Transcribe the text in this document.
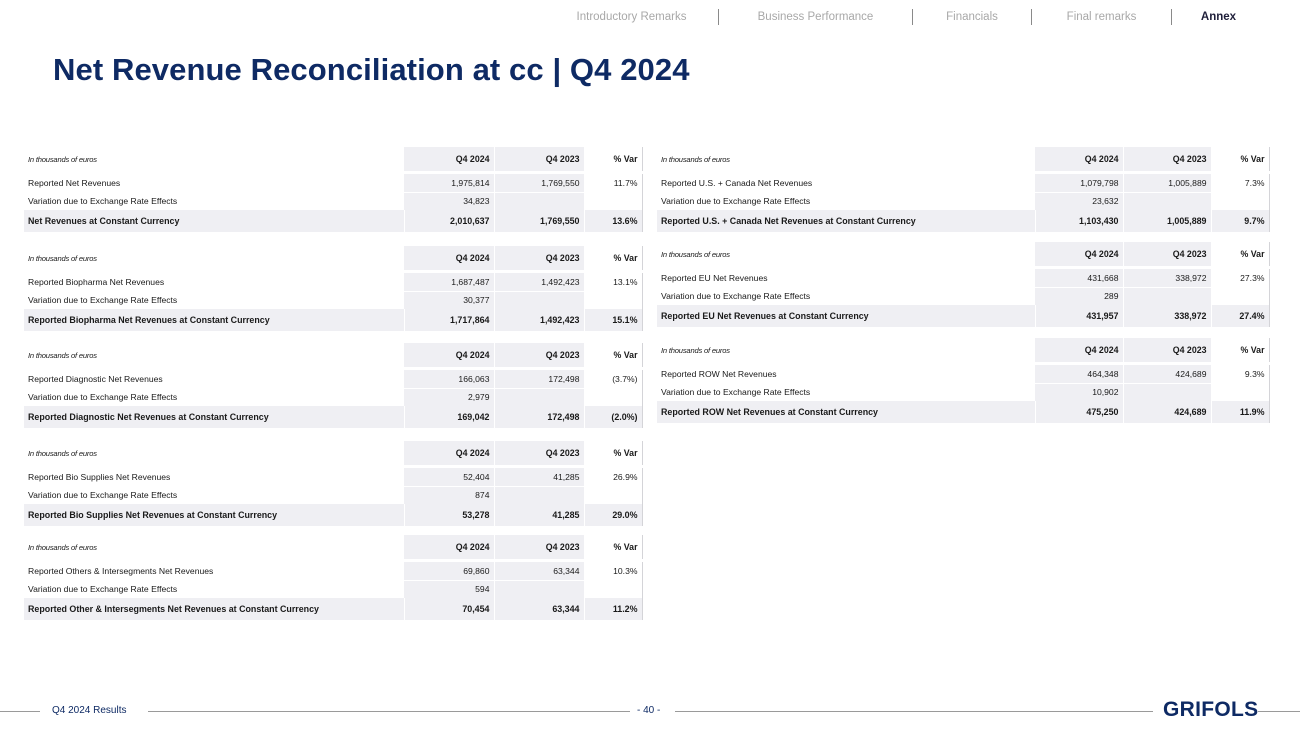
Introductory Remarks	Business Performance	Financials	Final remarks	Annex
Net Revenue Reconciliation at cc | Q4 2024
In thousands of euros	Q4 2024	Q4 2023	% Var

Reported Net Revenues	1,975,814	1,769,550	11.7%
Variation due to Exchange Rate Effects	34,823		
Net Revenues at Constant Currency	2,010,637	1,769,550	13.6%
In thousands of euros	Q4 2024	Q4 2023	% Var

Reported Biopharma Net Revenues	1,687,487	1,492,423	13.1%
Variation due to Exchange Rate Effects	30,377		
Reported Biopharma Net Revenues at Constant Currency	1,717,864	1,492,423	15.1%
In thousands of euros	Q4 2024	Q4 2023	% Var

Reported Diagnostic Net Revenues	166,063	172,498	(3.7%)
Variation due to Exchange Rate Effects	2,979		
Reported Diagnostic Net Revenues at Constant Currency	169,042	172,498	(2.0%)
In thousands of euros	Q4 2024	Q4 2023	% Var

Reported Bio Supplies Net Revenues	52,404	41,285	26.9%
Variation due to Exchange Rate Effects	874		
Reported Bio Supplies Net Revenues at Constant Currency	53,278	41,285	29.0%
In thousands of euros	Q4 2024	Q4 2023	% Var

Reported Others & Intersegments Net Revenues	69,860	63,344	10.3%
Variation due to Exchange Rate Effects	594		
Reported Other & Intersegments Net Revenues at Constant Currency	70,454	63,344	11.2%
In thousands of euros	Q4 2024	Q4 2023	% Var

Reported U.S. + Canada Net Revenues	1,079,798	1,005,889	7.3%
Variation due to Exchange Rate Effects	23,632		
Reported U.S. + Canada Net Revenues at Constant Currency	1,103,430	1,005,889	9.7%
In thousands of euros	Q4 2024	Q4 2023	% Var

Reported EU Net Revenues	431,668	338,972	27.3%
Variation due to Exchange Rate Effects	289		
Reported EU Net Revenues at Constant Currency	431,957	338,972	27.4%
In thousands of euros	Q4 2024	Q4 2023	% Var

Reported ROW Net Revenues	464,348	424,689	9.3%
Variation due to Exchange Rate Effects	10,902		
Reported ROW Net Revenues at Constant Currency	475,250	424,689	11.9%
Q4 2024 Results	- 40 -	GRIFOLS
